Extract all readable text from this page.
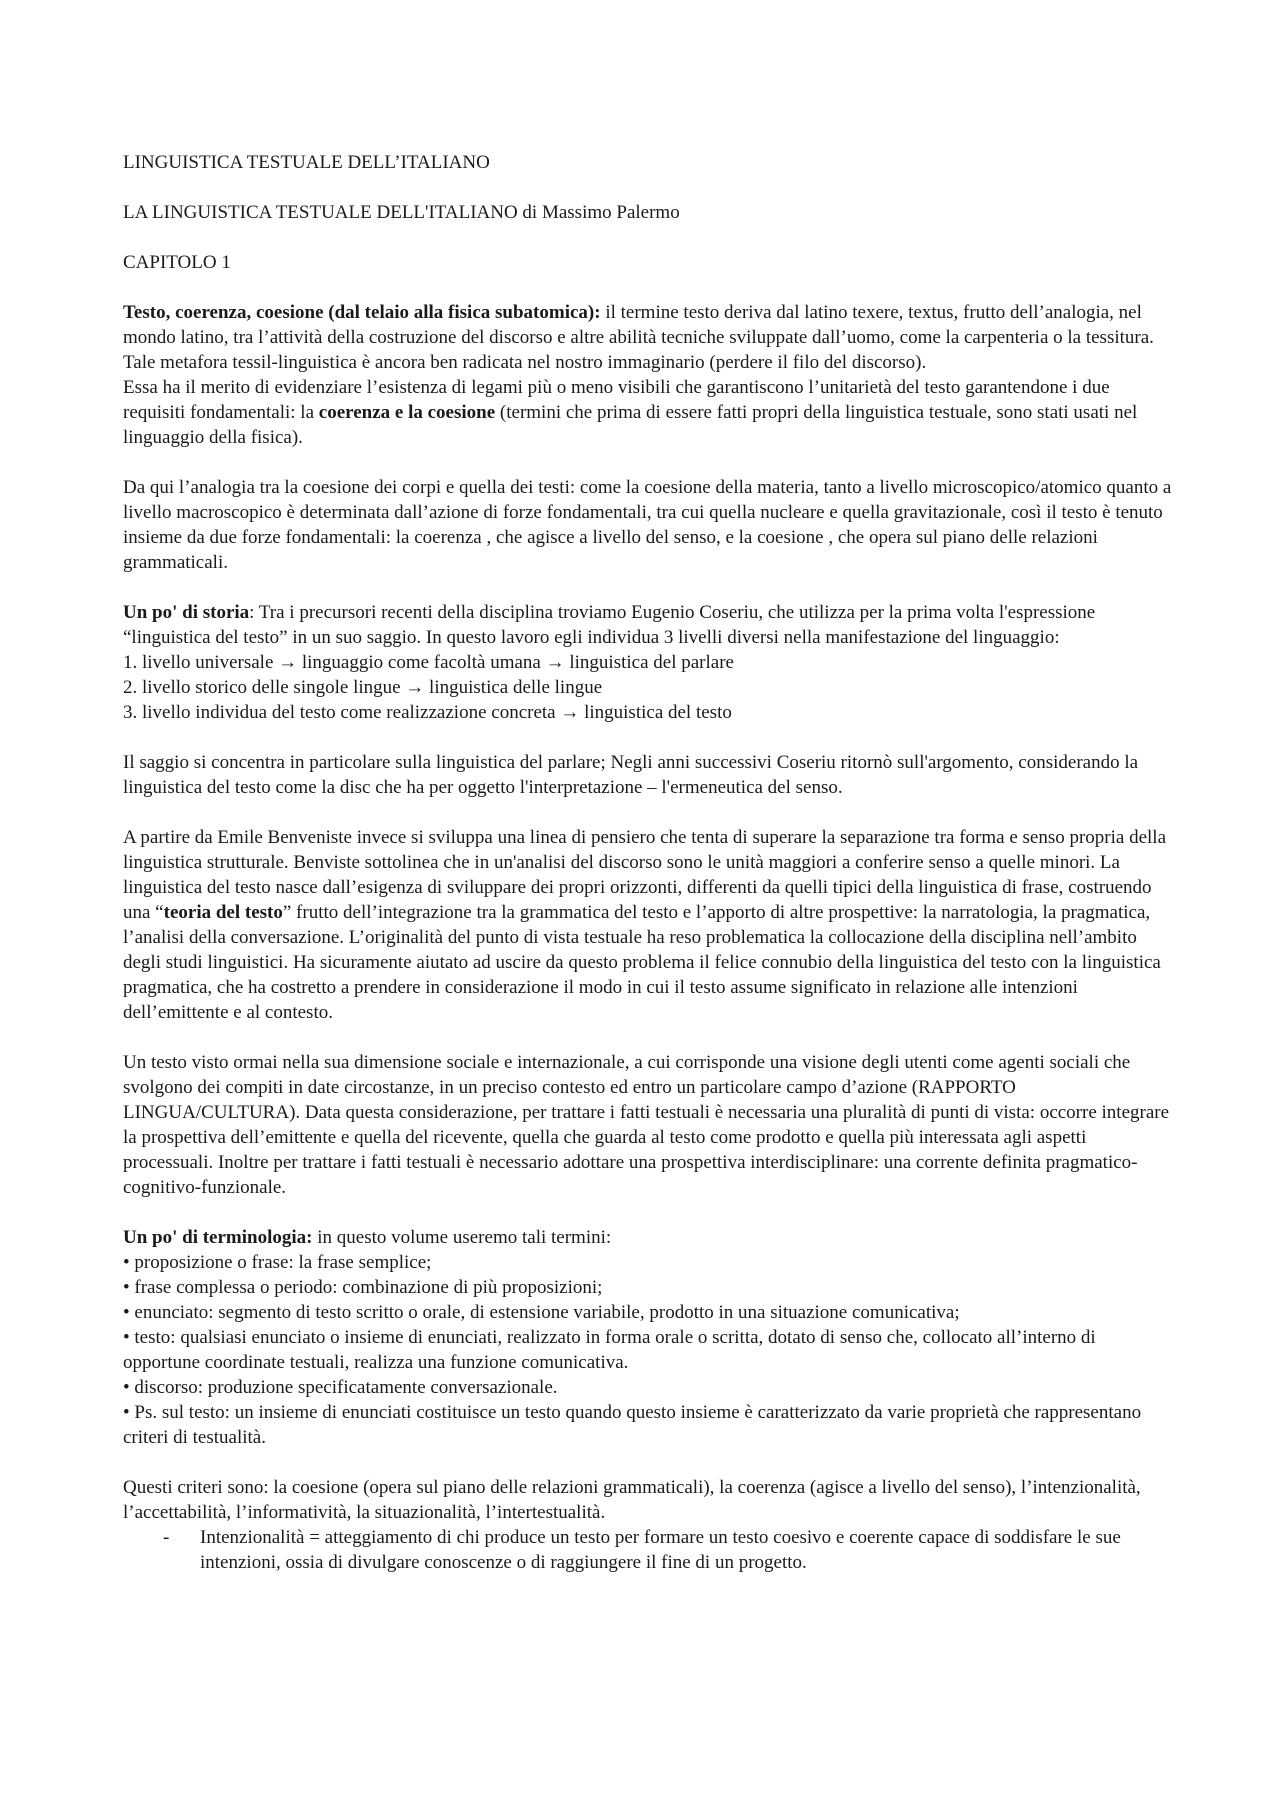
LINGUISTICA TESTUALE DELL’ITALIANO

LA LINGUISTICA TESTUALE DELL'ITALIANO di Massimo Palermo

CAPITOLO 1

Testo, coerenza, coesione (dal telaio alla fisica subatomica): il termine testo deriva dal latino texere, textus, frutto dell’analogia, nel mondo latino, tra l’attività della costruzione del discorso e altre abilità tecniche sviluppate dall’uomo, come la carpenteria o la tessitura. Tale metafora tessil-linguistica è ancora ben radicata nel nostro immaginario (perdere il filo del discorso).

Essa ha il merito di evidenziare l’esistenza di legami più o meno visibili che garantiscono l’unitarietà del testo garantendone i due requisiti fondamentali: la coerenza e la coesione (termini che prima di essere fatti propri della linguistica testuale, sono stati usati nel linguaggio della fisica).

Da qui l’analogia tra la coesione dei corpi e quella dei testi: come la coesione della materia, tanto a livello microscopico/atomico quanto a livello macroscopico è determinata dall’azione di forze fondamentali, tra cui quella nucleare e quella gravitazionale, così il testo è tenuto insieme da due forze fondamentali: la coerenza , che agisce a livello del senso, e la coesione , che opera sul piano delle relazioni grammaticali.

Un po' di storia: Tra i precursori recenti della disciplina troviamo Eugenio Coseriu, che utilizza per la prima volta l'espressione “linguistica del testo” in un suo saggio. In questo lavoro egli individua 3 livelli diversi nella manifestazione del linguaggio:

1. livello universale → linguaggio come facoltà umana → linguistica del parlare

2. livello storico delle singole lingue → linguistica delle lingue

3. livello individua del testo come realizzazione concreta → linguistica del testo

Il saggio si concentra in particolare sulla linguistica del parlare; Negli anni successivi Coseriu ritornò sull'argomento, considerando la linguistica del testo come la disc che ha per oggetto l'interpretazione – l'ermeneutica del senso.

A partire da Emile Benveniste invece si sviluppa una linea di pensiero che tenta di superare la separazione tra forma e senso propria della linguistica strutturale. Benviste sottolinea che in un'analisi del discorso sono le unità maggiori a conferire senso a quelle minori. La linguistica del testo nasce dall’esigenza di sviluppare dei propri orizzonti, differenti da quelli tipici della linguistica di frase, costruendo una “teoria del testo” frutto dell’integrazione tra la grammatica del testo e l’apporto di altre prospettive: la narratologia, la pragmatica, l’analisi della conversazione. L’originalità del punto di vista testuale ha reso problematica la collocazione della disciplina nell’ambito degli studi linguistici. Ha sicuramente aiutato ad uscire da questo problema il felice connubio della linguistica del testo con la linguistica pragmatica, che ha costretto a prendere in considerazione il modo in cui il testo assume significato in relazione alle intenzioni dell’emittente e al contesto.

Un testo visto ormai nella sua dimensione sociale e internazionale, a cui corrisponde una visione degli utenti come agenti sociali che svolgono dei compiti in date circostanze, in un preciso contesto ed entro un particolare campo d’azione (RAPPORTO LINGUA/CULTURA). Data questa considerazione, per trattare i fatti testuali è necessaria una pluralità di punti di vista: occorre integrare la prospettiva dell’emittente e quella del ricevente, quella che guarda al testo come prodotto e quella più interessata agli aspetti processuali. Inoltre per trattare i fatti testuali è necessario adottare una prospettiva interdisciplinare: una corrente definita pragmatico-cognitivo-funzionale.

Un po' di terminologia: in questo volume useremo tali termini:

• proposizione o frase: la frase semplice;

• frase complessa o periodo: combinazione di più proposizioni;

• enunciato: segmento di testo scritto o orale, di estensione variabile, prodotto in una situazione comunicativa;

• testo: qualsiasi enunciato o insieme di enunciati, realizzato in forma orale o scritta, dotato di senso che, collocato all’interno di opportune coordinate testuali, realizza una funzione comunicativa.

• discorso: produzione specificatamente conversazionale.

• Ps. sul testo: un insieme di enunciati costituisce un testo quando questo insieme è caratterizzato da varie proprietà che rappresentano criteri di testualità.

Questi criteri sono: la coesione (opera sul piano delle relazioni grammaticali), la coerenza (agisce a livello del senso), l’intenzionalità, l’accettabilità, l’informatività, la situazionalità, l’intertestualità.

- Intenzionalità = atteggiamento di chi produce un testo per formare un testo coesivo e coerente capace di soddisfare le sue intenzioni, ossia di divulgare conoscenze o di raggiungere il fine di un progetto.
